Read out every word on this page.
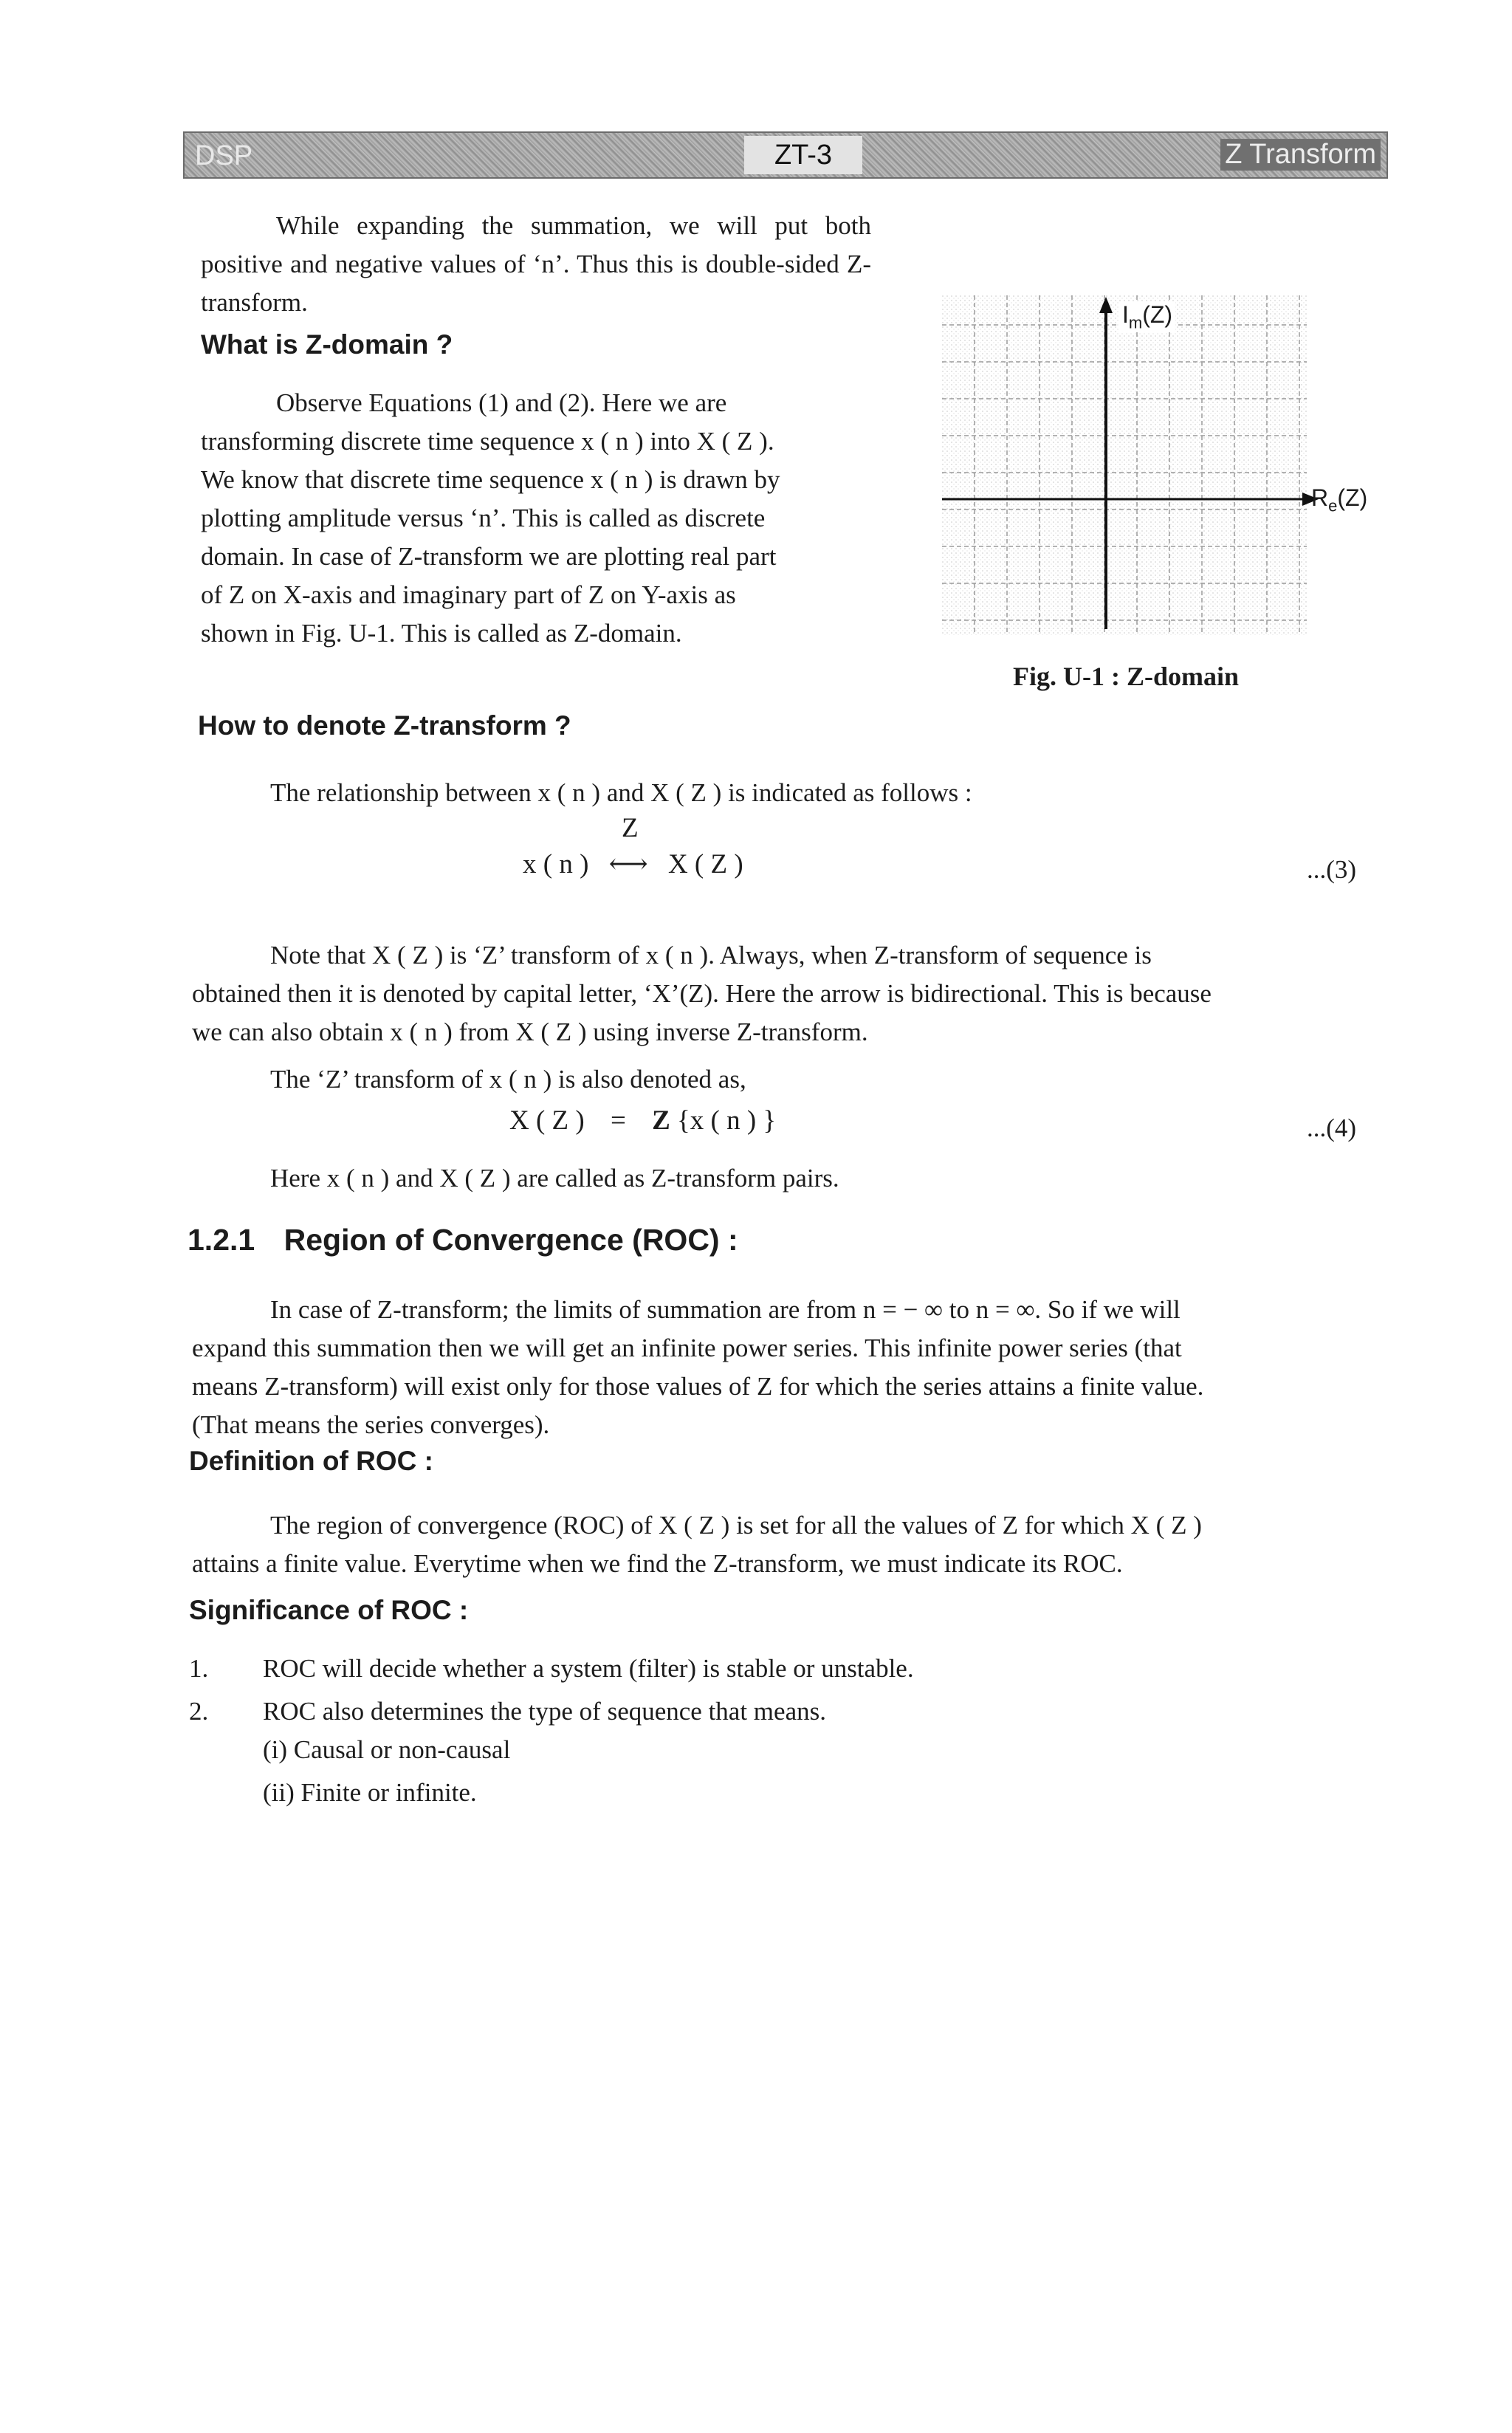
DSP	ZT-3	Z Transform
While expanding the summation, we will put both positive and negative values of ‘n’. Thus this is double-sided Z- transform.
What is Z-domain ?
Observe Equations (1) and (2). Here we are
transforming discrete time sequence x ( n ) into X ( Z ).
We know that discrete time sequence x ( n ) is drawn by
plotting amplitude versus ‘n’. This is called as discrete
domain. In case of Z-transform we are plotting real part
of Z on X-axis and imaginary part of Z on Y-axis as
shown in Fig. U-1. This is called as Z-domain.
$I_m(Z)$
$R_e(Z)$
Fig. U-1 : Z-domain
How to denote Z-transform ?
The relationship between x ( n ) and X ( Z ) is indicated as follows :
Z
x ( n ) ⟷ X ( Z )	...(3)
Note that X ( Z ) is ‘Z’ transform of x ( n ). Always, when Z-transform of sequence is
obtained then it is denoted by capital letter, ‘X’(Z). Here the arrow is bidirectional. This is because
we can also obtain x ( n ) from X ( Z ) using inverse Z-transform.
The ‘Z’ transform of x ( n ) is also denoted as,
X ( Z ) = Z {x ( n ) }	...(4)
Here x ( n ) and X ( Z ) are called as Z-transform pairs.
1.2.1 Region of Convergence (ROC) :
In case of Z-transform; the limits of summation are from n = − ∞ to n = ∞. So if we will
expand this summation then we will get an infinite power series. This infinite power series (that
means Z-transform) will exist only for those values of Z for which the series attains a finite value.
(That means the series converges).
Definition of ROC :
The region of convergence (ROC) of X ( Z ) is set for all the values of Z for which X ( Z )
attains a finite value. Everytime when we find the Z-transform, we must indicate its ROC.
Significance of ROC :
1. ROC will decide whether a system (filter) is stable or unstable.
2. ROC also determines the type of sequence that means.
(i) Causal or non-causal
(ii) Finite or infinite.
